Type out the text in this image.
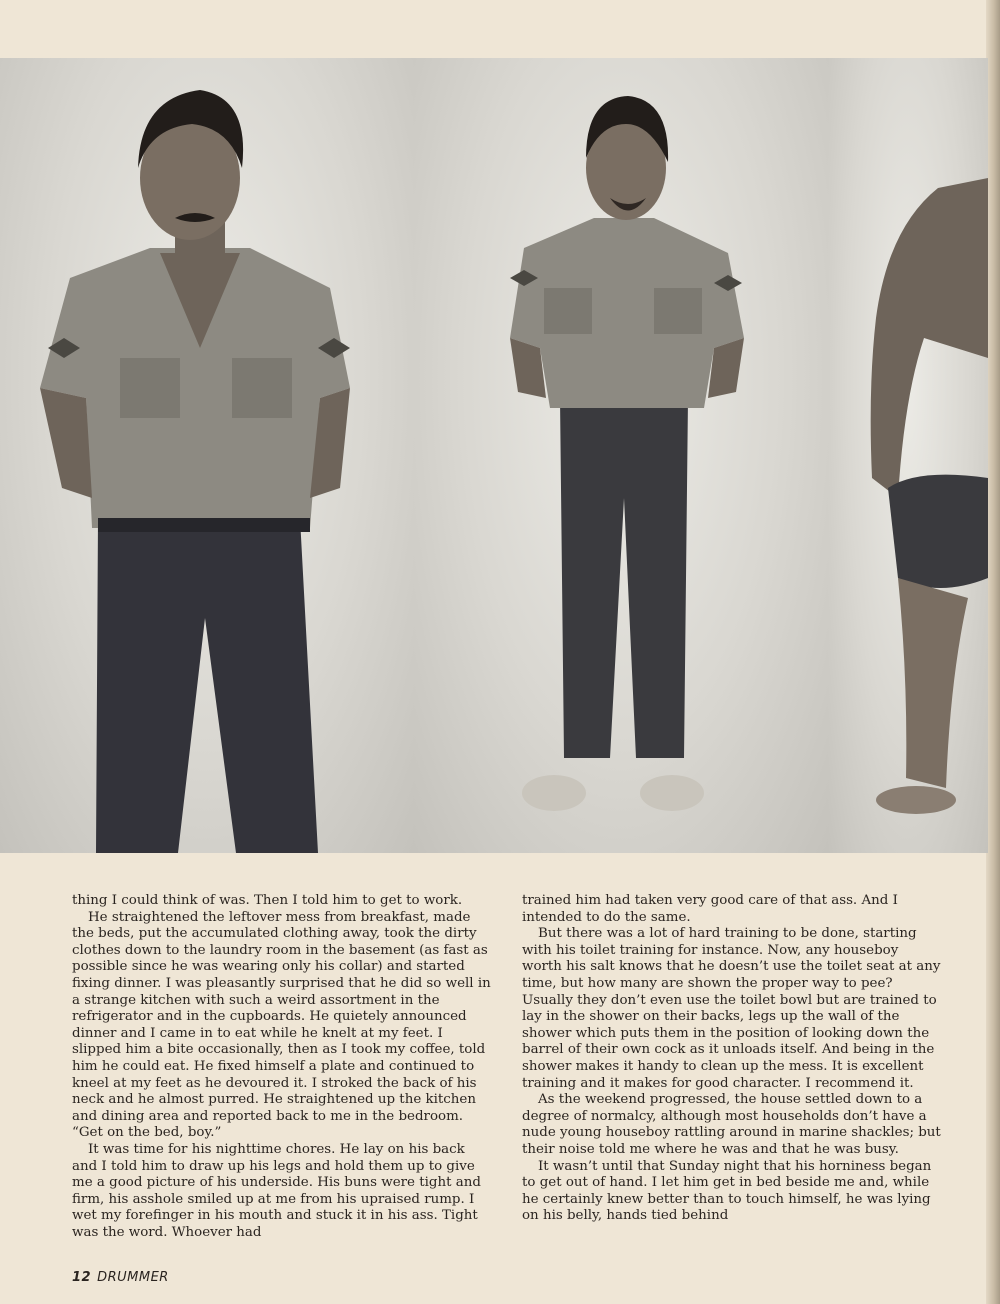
thing I could think of was. Then I told him to get to work.

He straightened the leftover mess from breakfast, made the beds, put the accumulated clothing away, took the dirty clothes down to the laundry room in the basement (as fast as possible since he was wearing only his collar) and started fixing dinner. I was pleasantly surprised that he did so well in a strange kitchen with such a weird assortment in the refrigerator and in the cupboards. He quietely announced dinner and I came in to eat while he knelt at my feet. I slipped him a bite occasionally, then as I took my coffee, told him he could eat. He fixed himself a plate and continued to kneel at my feet as he devoured it. I stroked the back of his neck and he almost purred. He straightened up the kitchen and dining area and reported back to me in the bedroom. “Get on the bed, boy.”

It was time for his nighttime chores. He lay on his back and I told him to draw up his legs and hold them up to give me a good picture of his underside. His buns were tight and firm, his asshole smiled up at me from his upraised rump. I wet my forefinger in his mouth and stuck it in his ass. Tight was the word. Whoever had

trained him had taken very good care of that ass. And I intended to do the same.

But there was a lot of hard training to be done, starting with his toilet training for instance. Now, any houseboy worth his salt knows that he doesn’t use the toilet seat at any time, but how many are shown the proper way to pee? Usually they don’t even use the toilet bowl but are trained to lay in the shower on their backs, legs up the wall of the shower which puts them in the position of looking down the barrel of their own cock as it unloads itself. And being in the shower makes it handy to clean up the mess. It is excellent training and it makes for good character. I recommend it.

As the weekend progressed, the house settled down to a degree of normalcy, although most households don’t have a nude young houseboy rattling around in marine shackles; but their noise told me where he was and that he was busy.

It wasn’t until that Sunday night that his horniness began to get out of hand. I let him get in bed beside me and, while he certainly knew better than to touch himself, he was lying on his belly, hands tied behind

12 DRUMMER
